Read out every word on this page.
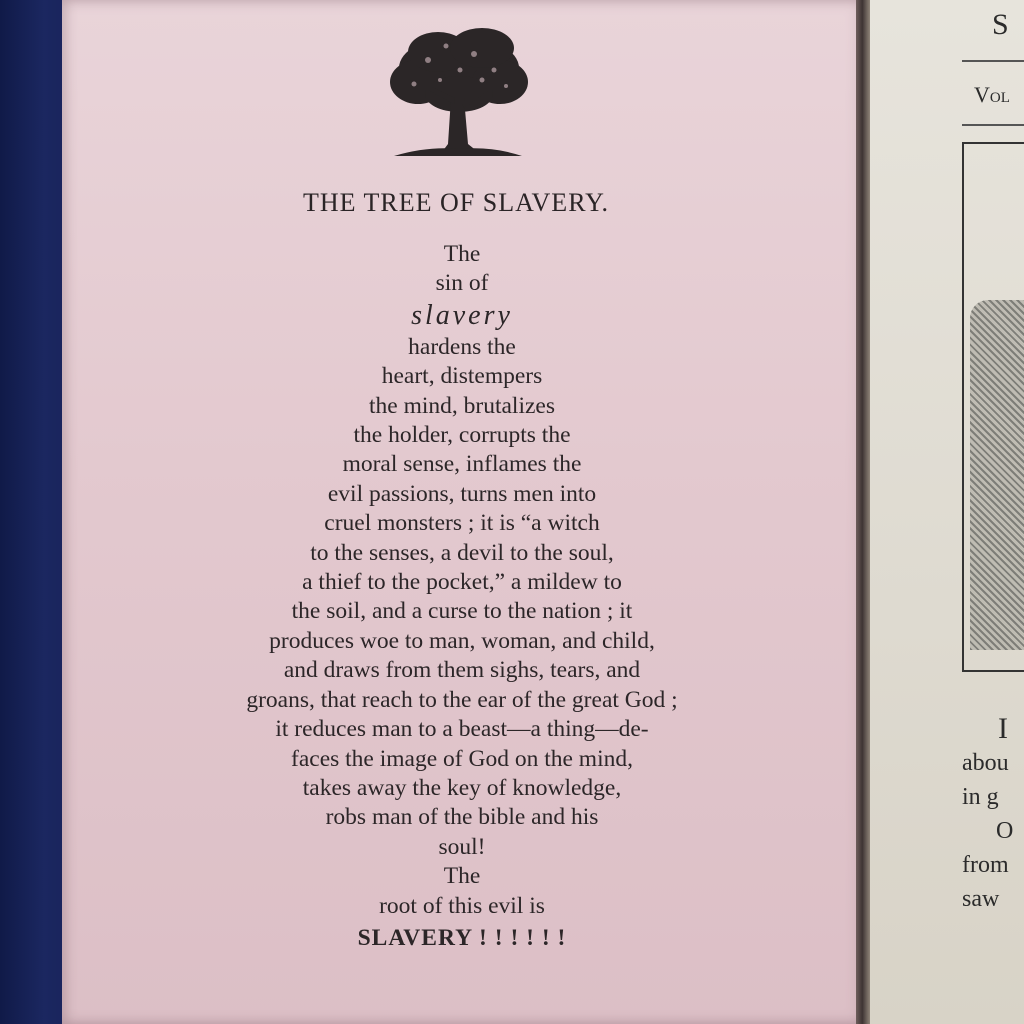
S
Vol
I
abou
in g
O
from
saw
THE TREE OF SLAVERY.
The
sin of
slavery
hardens the
heart, distempers
the mind, brutalizes
the holder, corrupts the
moral sense, inflames the
evil passions, turns men into
cruel monsters ; it is “a witch
to the senses, a devil to the soul,
a thief to the pocket,” a mildew to
the soil, and a curse to the nation ; it
produces woe to man, woman, and child,
and draws from them sighs, tears, and
groans, that reach to the ear of the great God ;
it reduces man to a beast—a thing—de-
faces the image of God on the mind,
takes away the key of knowledge,
robs man of the bible and his
soul!
The
root of this evil is
SLAVERY ! ! ! ! ! !
